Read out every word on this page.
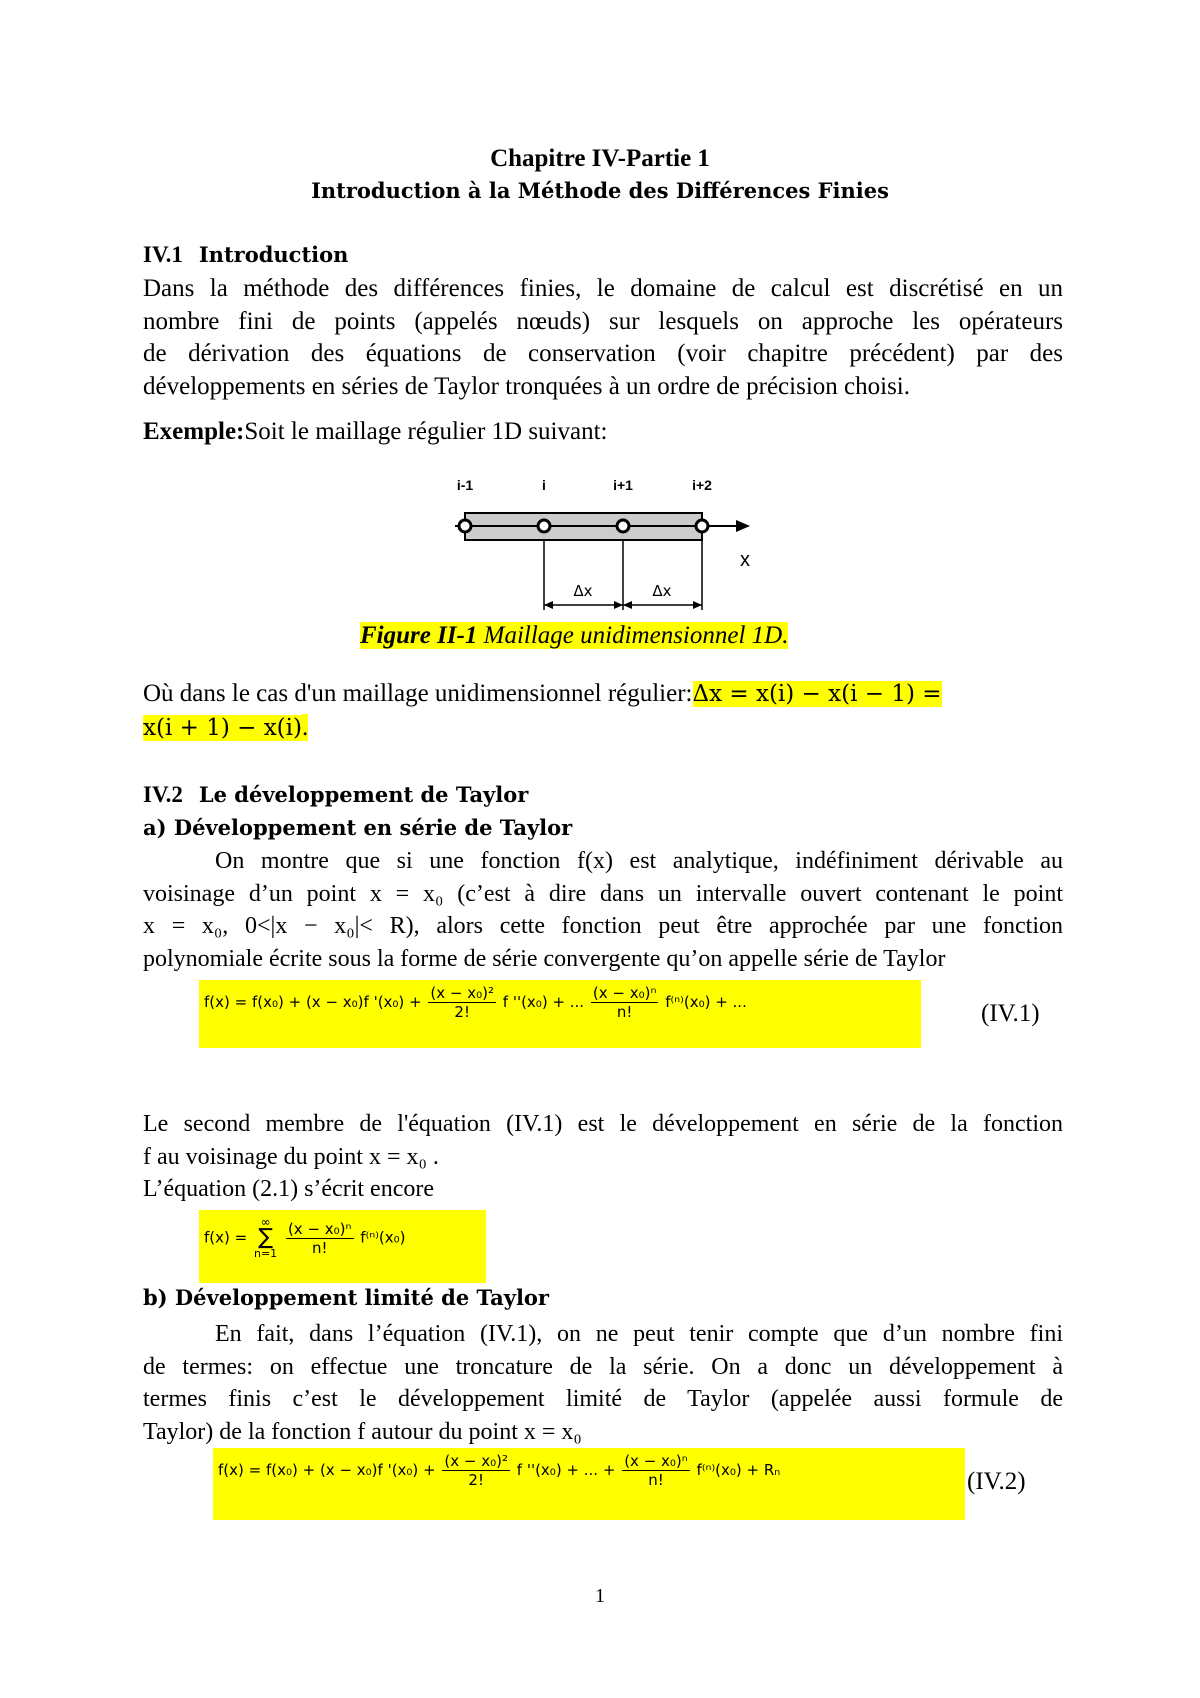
Chapitre IV-Partie 1
Introduction à la Méthode des Différences Finies
IV.1 Introduction
Dans la méthode des différences finies, le domaine de calcul est discrétisé en un
nombre fini de points (appelés nœuds) sur lesquels on approche les opérateurs
de dérivation des équations de conservation (voir chapitre précédent) par des
développements en séries de Taylor tronquées à un ordre de précision choisi.
Exemple:Soit le maillage régulier 1D suivant:
i-1	i	i+1	i+2
x
Δx	Δx
Figure II-1 Maillage unidimensionnel 1D.
Où dans le cas d'un maillage unidimensionnel régulier:Δx = x(i) − x(i − 1) =
x(i + 1) − x(i).
IV.2 Le développement de Taylor
a) Développement en série de Taylor
On montre que si une fonction f(x) est analytique, indéfiniment dérivable au
voisinage d’un point x = x₀ (c’est à dire dans un intervalle ouvert contenant le point
x = x₀, 0<|x − x₀|< R), alors cette fonction peut être approchée par une fonction
polynomiale écrite sous la forme de série convergente qu’on appelle série de Taylor
f(x) = f(x₀) + (x − x₀)f '$(x_0) + \frac{\text{(x − x₀)²}}{2!}$ f ''(x₀) + ... $\frac{\text{(x − x₀)ⁿ}}{n!} f^{(n)}(x_0)$ + ...	(IV.1)
Le second membre de l'équation (IV.1) est le développement en série de la fonction
f au voisinage du point x = x₀ .
L’équation (2.1) s’écrit encore
f(x) =
∞
∑
n=1
$\frac{\text{(x − x₀)ⁿ}}{n!} f^{(n)}(x_0)$
b) Développement limité de Taylor
En fait, dans l’équation (IV.1), on ne peut tenir compte que d’un nombre fini
de termes: on effectue une troncature de la série. On a donc un développement à
termes finis c’est le développement limité de Taylor (appelée aussi formule de
Taylor) de la fonction f autour du point x = x₀
f(x) = f(x₀) + (x − x₀)f '$(x_0) + \frac{\text{(x − x₀)²}}{2!}$ f ''(x₀) + ... + $\frac{\text{(x − x₀)ⁿ}}{n!} f^{(n)}(x_0) + R_n$	(IV.2)
1
